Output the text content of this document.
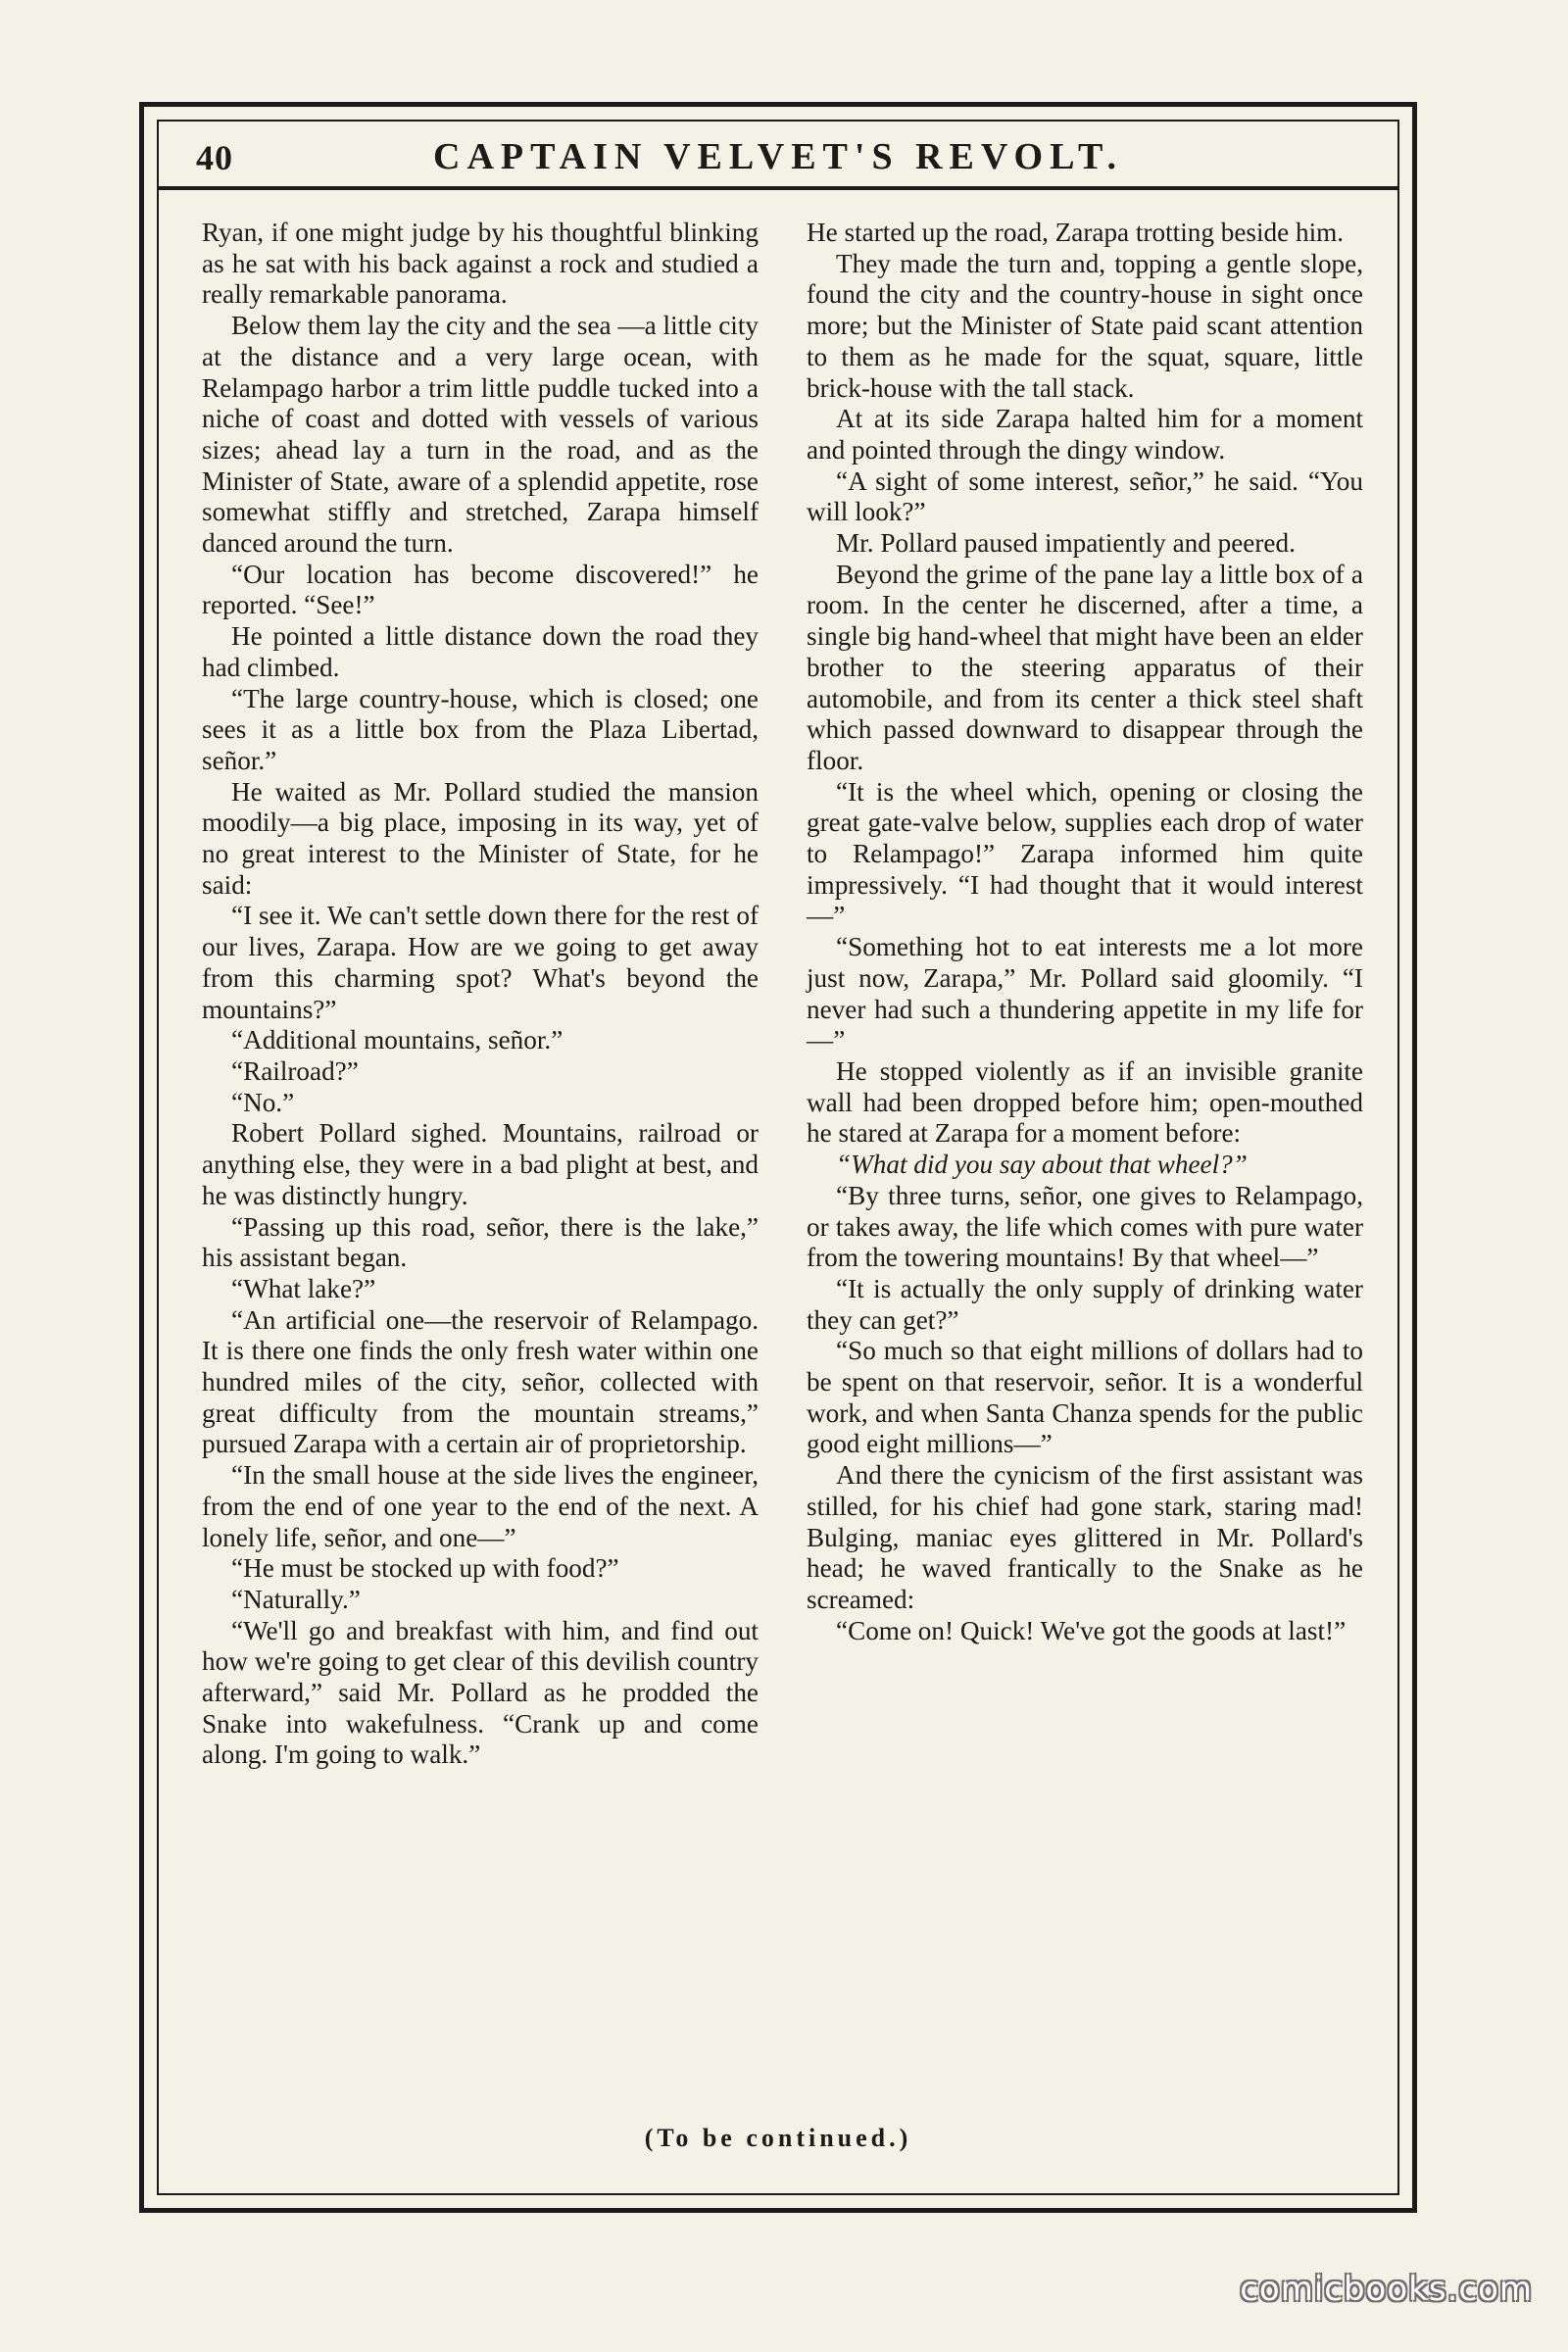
40	CAPTAIN VELVET'S REVOLT.

Ryan, if one might judge by his thoughtful blinking as he sat with his back against a rock and studied a really remarkable panorama.

Below them lay the city and the sea —a little city at the distance and a very large ocean, with Relampago harbor a trim little puddle tucked into a niche of coast and dotted with vessels of various sizes; ahead lay a turn in the road, and as the Minister of State, aware of a splendid appetite, rose somewhat stiffly and stretched, Zarapa himself danced around the turn.

“Our location has become discovered!” he reported. “See!”

He pointed a little distance down the road they had climbed.

“The large country-house, which is closed; one sees it as a little box from the Plaza Libertad, señor.”

He waited as Mr. Pollard studied the mansion moodily—a big place, imposing in its way, yet of no great interest to the Minister of State, for he said:

“I see it. We can't settle down there for the rest of our lives, Zarapa. How are we going to get away from this charming spot? What's beyond the mountains?”

“Additional mountains, señor.”

“Railroad?”

“No.”

Robert Pollard sighed. Mountains, railroad or anything else, they were in a bad plight at best, and he was distinctly hungry.

“Passing up this road, señor, there is the lake,” his assistant began.

“What lake?”

“An artificial one—the reservoir of Relampago. It is there one finds the only fresh water within one hundred miles of the city, señor, collected with great difficulty from the mountain streams,” pursued Zarapa with a certain air of proprietorship.

“In the small house at the side lives the engineer, from the end of one year to the end of the next. A lonely life, señor, and one—”

“He must be stocked up with food?”

“Naturally.”

“We'll go and breakfast with him, and find out how we're going to get clear of this devilish country afterward,” said Mr. Pollard as he prodded the Snake into wakefulness. “Crank up and come along. I'm going to walk.”

He started up the road, Zarapa trotting beside him.

They made the turn and, topping a gentle slope, found the city and the country-house in sight once more; but the Minister of State paid scant attention to them as he made for the squat, square, little brick-house with the tall stack.

At at its side Zarapa halted him for a moment and pointed through the dingy window.

“A sight of some interest, señor,” he said. “You will look?”

Mr. Pollard paused impatiently and peered.

Beyond the grime of the pane lay a little box of a room. In the center he discerned, after a time, a single big hand-wheel that might have been an elder brother to the steering apparatus of their automobile, and from its center a thick steel shaft which passed downward to disappear through the floor.

“It is the wheel which, opening or closing the great gate-valve below, supplies each drop of water to Relampago!” Zarapa informed him quite impressively. “I had thought that it would interest—”

“Something hot to eat interests me a lot more just now, Zarapa,” Mr. Pollard said gloomily. “I never had such a thundering appetite in my life for—”

He stopped violently as if an invisible granite wall had been dropped before him; open-mouthed he stared at Zarapa for a moment before:

“What did you say about that wheel?”

“By three turns, señor, one gives to Relampago, or takes away, the life which comes with pure water from the towering mountains! By that wheel—”

“It is actually the only supply of drinking water they can get?”

“So much so that eight millions of dollars had to be spent on that reservoir, señor. It is a wonderful work, and when Santa Chanza spends for the public good eight millions—”

And there the cynicism of the first assistant was stilled, for his chief had gone stark, staring mad! Bulging, maniac eyes glittered in Mr. Pollard's head; he waved frantically to the Snake as he screamed:

“Come on! Quick! We've got the goods at last!”

(To be continued.)
comicbooks.com
